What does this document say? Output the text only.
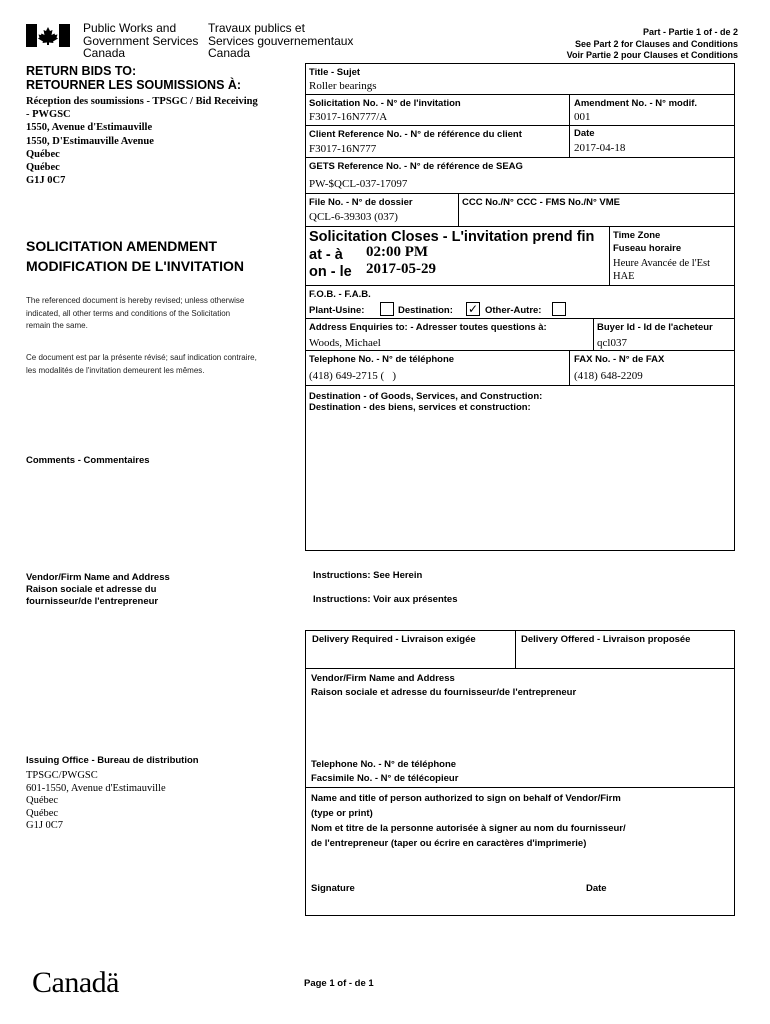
Public Works and
Government Services
Canada
Travaux publics et
Services gouvernementaux
Canada
Part - Partie 1 of - de 2
See Part 2 for Clauses and Conditions
Voir Partie 2 pour Clauses et Conditions
RETURN BIDS TO:
RETOURNER LES SOUMISSIONS À:
Réception des soumissions - TPSGC / Bid Receiving
- PWGSC
1550, Avenue d'Estimauville
1550, D'Estimauville Avenue
Québec
Québec
G1J 0C7
SOLICITATION AMENDMENT
MODIFICATION DE L'INVITATION
The referenced document is hereby revised; unless otherwise
indicated, all other terms and conditions of the Solicitation
remain the same.
Ce document est par la présente révisé; sauf indication contraire,
les modalités de l'invitation demeurent les mêmes.
Comments - Commentaires
Vendor/Firm Name and Address
Raison sociale et adresse du
fournisseur/de l'entrepreneur
Issuing Office - Bureau de distribution
TPSGC/PWGSC
601-1550, Avenue d'Estimauville
Québec
Québec
G1J 0C7
Title - Sujet
Roller bearings
Solicitation No. - N° de l'invitation
F3017-16N777/A
Amendment No. - N° modif.
001
Client Reference No. - N° de référence du client
F3017-16N777
Date
2017-04-18
GETS Reference No. - N° de référence de SEAG
PW-$QCL-037-17097
File No. - N° de dossier
QCL-6-39303 (037)
CCC No./N° CCC - FMS No./N° VME
Solicitation Closes - L'invitation prend fin
at - à 02:00 PM
on - le 2017-05-29
Time Zone
Fuseau horaire
Heure Avancée de l'Est
HAE
F.O.B. - F.A.B.
Plant-Usine:	Destination: ✓ Other-Autre:
Address Enquiries to: - Adresser toutes questions à:
Woods, Michael
Buyer Id - Id de l'acheteur
qcl037
Telephone No. - N° de téléphone
(418) 649-2715 (   )
FAX No. - N° de FAX
(418) 648-2209
Destination - of Goods, Services, and Construction:
Destination - des biens, services et construction:
Instructions: See Herein
Instructions: Voir aux présentes
Delivery Required - Livraison exigée	Delivery Offered - Livraison proposée
Vendor/Firm Name and Address
Raison sociale et adresse du fournisseur/de l'entrepreneur
Telephone No. - N° de téléphone
Facsimile No. - N° de télécopieur
Name and title of person authorized to sign on behalf of Vendor/Firm
(type or print)
Nom et titre de la personne autorisée à signer au nom du fournisseur/
de l'entrepreneur (taper ou écrire en caractères d'imprimerie)
Signature	Date
Canadä	Page 1 of - de 1
